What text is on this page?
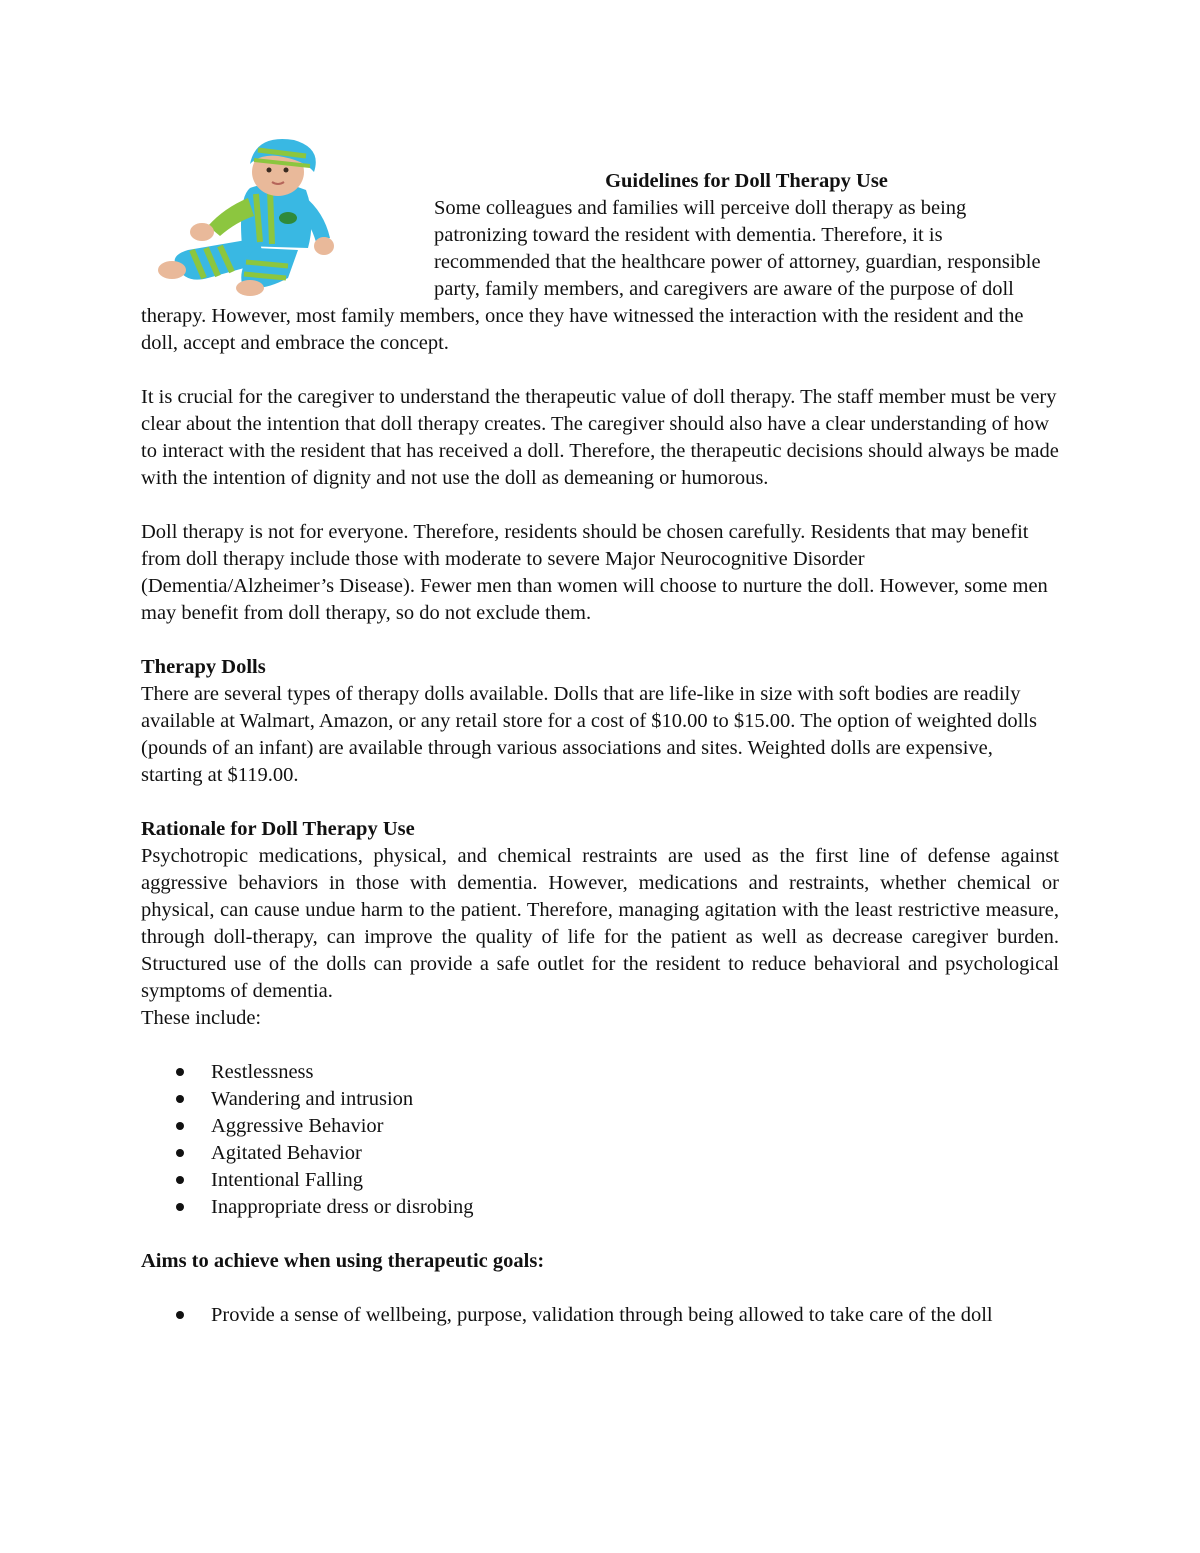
Guidelines for Doll Therapy Use

Some colleagues and families will perceive doll therapy as being patronizing toward the resident with dementia. Therefore, it is recommended that the healthcare power of attorney, guardian, responsible party, family members, and caregivers are aware of the purpose of doll therapy. However, most family members, once they have witnessed the interaction with the resident and the doll, accept and embrace the concept.

It is crucial for the caregiver to understand the therapeutic value of doll therapy. The staff member must be very clear about the intention that doll therapy creates. The caregiver should also have a clear understanding of how to interact with the resident that has received a doll. Therefore, the therapeutic decisions should always be made with the intention of dignity and not use the doll as demeaning or humorous.

Doll therapy is not for everyone. Therefore, residents should be chosen carefully. Residents that may benefit from doll therapy include those with moderate to severe Major Neurocognitive Disorder (Dementia/Alzheimer’s Disease). Fewer men than women will choose to nurture the doll. However, some men may benefit from doll therapy, so do not exclude them.

Therapy Dolls

There are several types of therapy dolls available. Dolls that are life-like in size with soft bodies are readily available at Walmart, Amazon, or any retail store for a cost of $10.00 to $15.00. The option of weighted dolls (pounds of an infant) are available through various associations and sites. Weighted dolls are expensive, starting at $119.00.

Rationale for Doll Therapy Use

Psychotropic medications, physical, and chemical restraints are used as the first line of defense against aggressive behaviors in those with dementia. However, medications and restraints, whether chemical or physical, can cause undue harm to the patient. Therefore, managing agitation with the least restrictive measure, through doll-therapy, can improve the quality of life for the patient as well as decrease caregiver burden. Structured use of the dolls can provide a safe outlet for the resident to reduce behavioral and psychological symptoms of dementia.

These include:

Restlessness
Wandering and intrusion
Aggressive Behavior
Agitated Behavior
Intentional Falling
Inappropriate dress or disrobing
Aims to achieve when using therapeutic goals:
Provide a sense of wellbeing, purpose, validation through being allowed to take care of the doll
